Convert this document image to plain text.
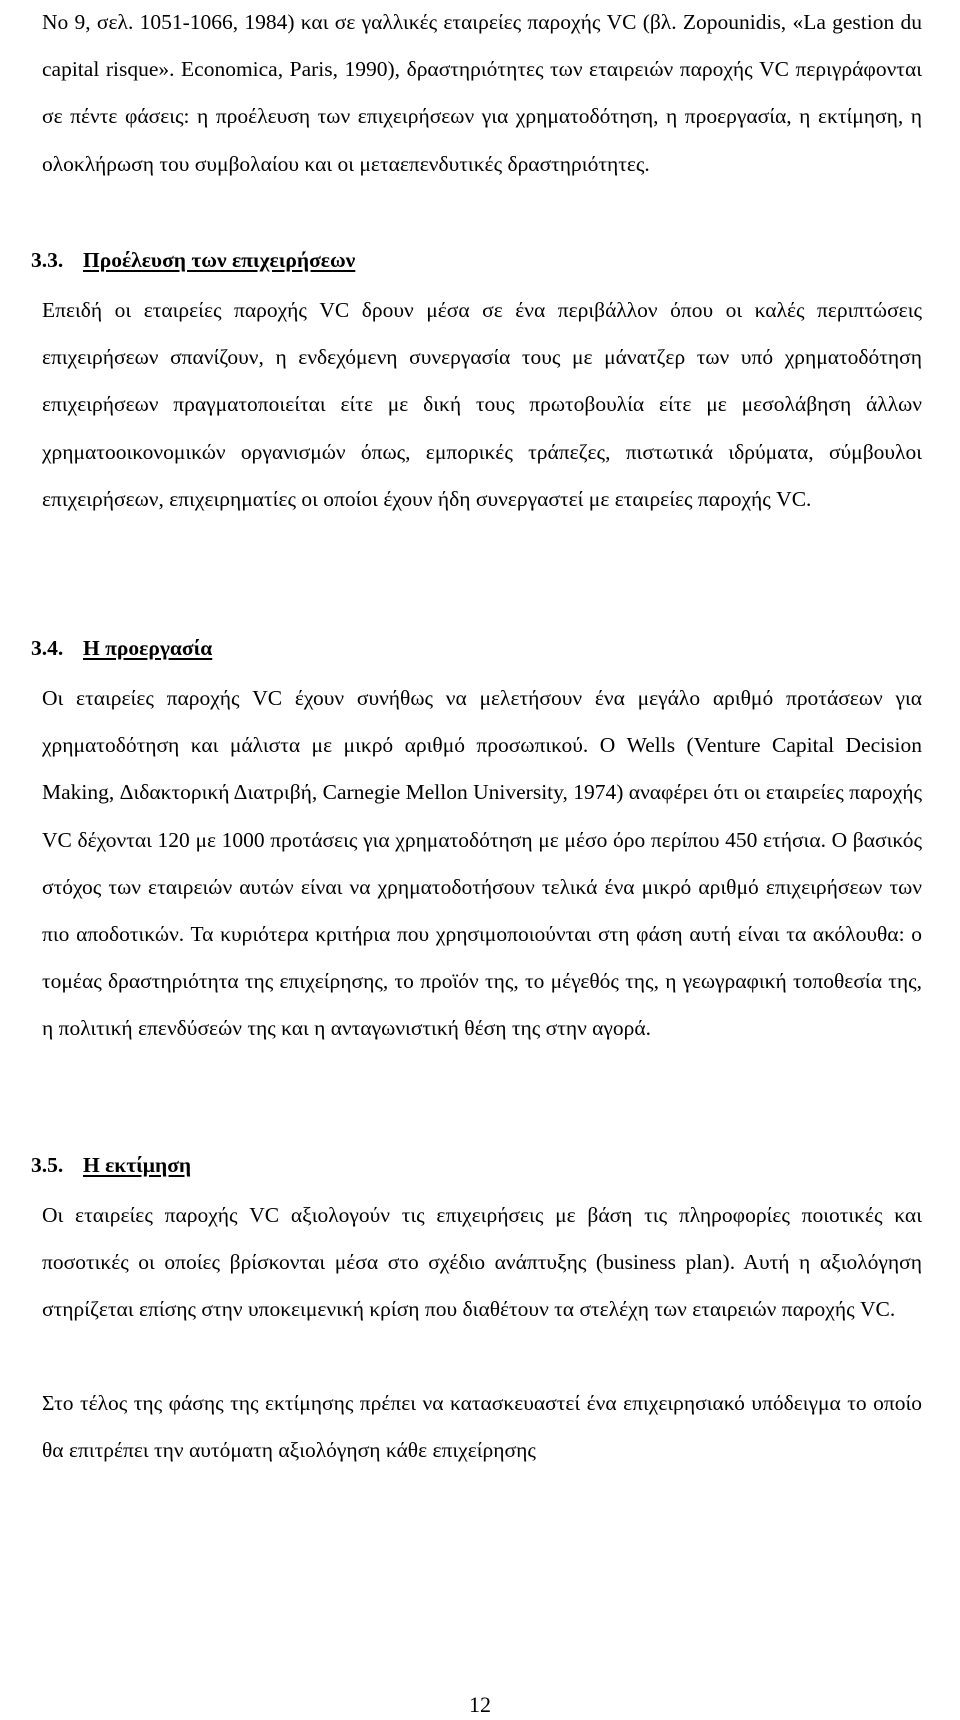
No 9, σελ. 1051-1066, 1984) και σε γαλλικές εταιρείες παροχής VC (βλ. Zopounidis, «La gestion du capital risque». Economica, Paris, 1990), δραστηριότητες των εταιρειών παροχής VC περιγράφονται σε πέντε φάσεις: η προέλευση των επιχειρήσεων για χρηματοδότηση, η προεργασία, η εκτίμηση, η ολοκλήρωση του συμβολαίου και οι μεταεπενδυτικές δραστηριότητες.

3.3. Προέλευση των επιχειρήσεων

Επειδή οι εταιρείες παροχής VC δρουν μέσα σε ένα περιβάλλον όπου οι καλές περιπτώσεις επιχειρήσεων σπανίζουν, η ενδεχόμενη συνεργασία τους με μάνατζερ των υπό χρηματοδότηση επιχειρήσεων πραγματοποιείται είτε με δική τους πρωτοβουλία είτε με μεσολάβηση άλλων χρηματοοικονομικών οργανισμών όπως, εμπορικές τράπεζες, πιστωτικά ιδρύματα, σύμβουλοι επιχειρήσεων, επιχειρηματίες οι οποίοι έχουν ήδη συνεργαστεί με εταιρείες παροχής VC.

3.4. Η προεργασία

Οι εταιρείες παροχής VC έχουν συνήθως να μελετήσουν ένα μεγάλο αριθμό προτάσεων για χρηματοδότηση και μάλιστα με μικρό αριθμό προσωπικού. Ο Wells (Venture Capital Decision Making, Διδακτορική Διατριβή, Carnegie Mellon University, 1974) αναφέρει ότι οι εταιρείες παροχής VC δέχονται 120 με 1000 προτάσεις για χρηματοδότηση με μέσο όρο περίπου 450 ετήσια. Ο βασικός στόχος των εταιρειών αυτών είναι να χρηματοδοτήσουν τελικά ένα μικρό αριθμό επιχειρήσεων των πιο αποδοτικών. Τα κυριότερα κριτήρια που χρησιμοποιούνται στη φάση αυτή είναι τα ακόλουθα: ο τομέας δραστηριότητα της επιχείρησης, το προϊόν της, το μέγεθός της, η γεωγραφική τοποθεσία της, η πολιτική επενδύσεών της και η ανταγωνιστική θέση της στην αγορά.

3.5. Η εκτίμηση

Οι εταιρείες παροχής VC αξιολογούν τις επιχειρήσεις με βάση τις πληροφορίες ποιοτικές και ποσοτικές οι οποίες βρίσκονται μέσα στο σχέδιο ανάπτυξης (business plan). Αυτή η αξιολόγηση στηρίζεται επίσης στην υποκειμενική κρίση που διαθέτουν τα στελέχη των εταιρειών παροχής VC.

Στο τέλος της φάσης της εκτίμησης πρέπει να κατασκευαστεί ένα επιχειρησιακό υπόδειγμα το οποίο θα επιτρέπει την αυτόματη αξιολόγηση κάθε επιχείρησης

12
